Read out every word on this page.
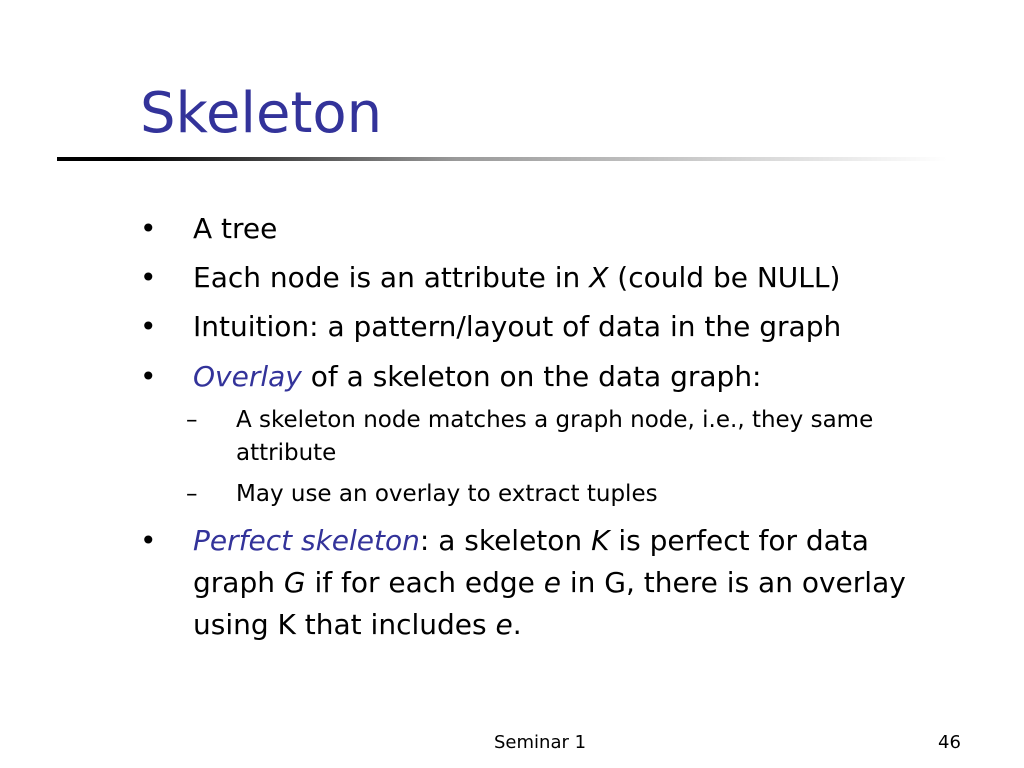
Skeleton
• A tree
• Each node is an attribute in X (could be NULL)
• Intuition: a pattern/layout of data in the graph
• Overlay of a skeleton on the data graph:
– A skeleton node matches a graph node, i.e., they same
attribute
– May use an overlay to extract tuples
• Perfect skeleton: a skeleton K is perfect for data
graph G if for each edge e in G, there is an overlay
using K that includes e.
Seminar 1	46
